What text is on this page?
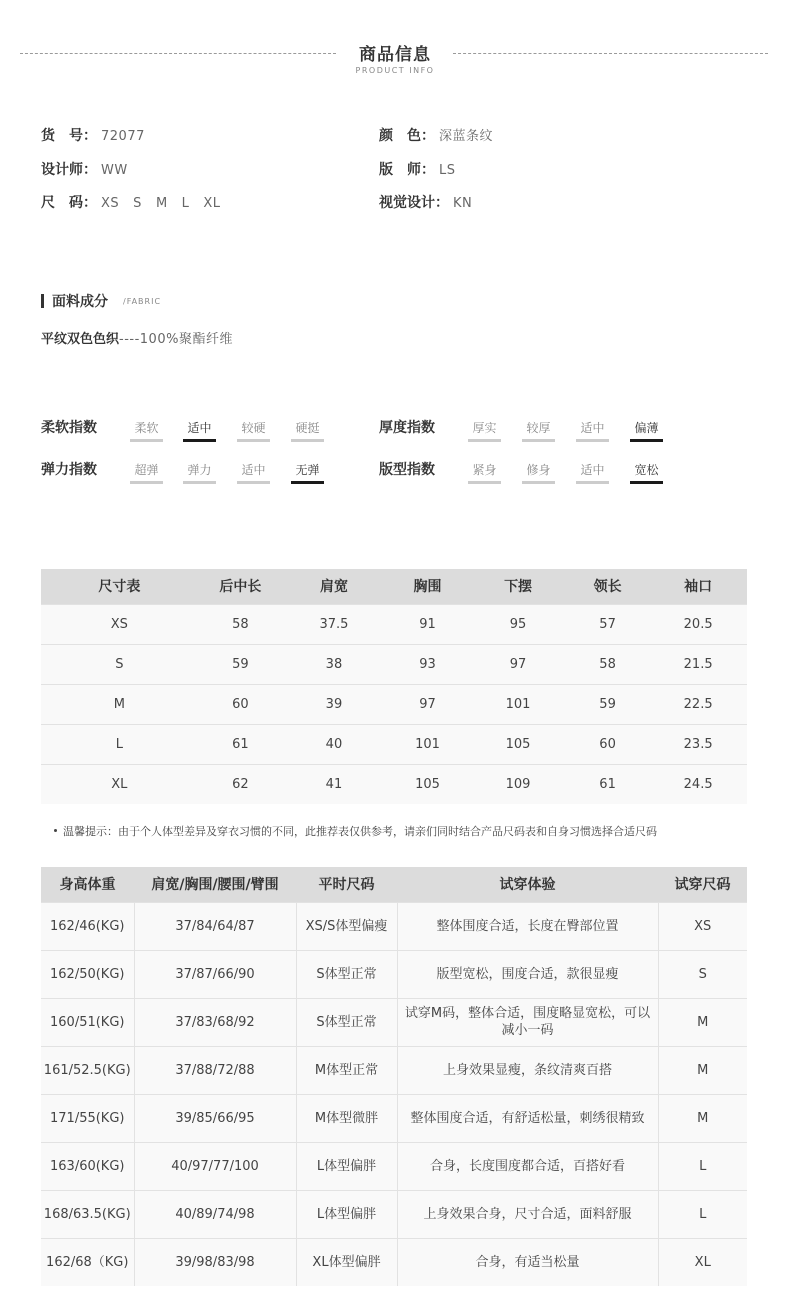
商品信息
PRODUCT INFO
货　号： 72077	颜　色： 深蓝条纹
设计师： WW	版　师： LS
尺　码： XS S M L XL	视觉设计： KN
面料成分 /FABRIC
平纹双色色织----100%聚酯纤维
柔软指数	柔软	适中	较硬	硬挺	厚度指数	厚实	较厚	适中	偏薄
弹力指数	超弹	弹力	适中	无弹	版型指数	紧身	修身	适中	宽松
尺寸表	后中长	肩宽	胸围	下摆	领长	袖口
XS	58	37.5	91	95	57	20.5
S	59	38	93	97	58	21.5
M	60	39	97	101	59	22.5
L	61	40	101	105	60	23.5
XL	62	41	105	109	61	24.5
温馨提示：由于个人体型差异及穿衣习惯的不同，此推荐表仅供参考，请亲们同时结合产品尺码表和自身习惯选择合适尺码
身高体重	肩宽/胸围/腰围/臂围	平时尺码	试穿体验	试穿尺码
162/46(KG)	37/84/64/87	XS/S体型偏瘦	整体围度合适，长度在臀部位置	XS
162/50(KG)	37/87/66/90	S体型正常	版型宽松，围度合适，款很显瘦	S
160/51(KG)	37/83/68/92	S体型正常	试穿M码，整体合适，围度略显宽松，可以减小一码	M
161/52.5(KG)	37/88/72/88	M体型正常	上身效果显瘦，条纹清爽百搭	M
171/55(KG)	39/85/66/95	M体型微胖	整体围度合适，有舒适松量，刺绣很精致	M
163/60(KG)	40/97/77/100	L体型偏胖	合身，长度围度都合适，百搭好看	L
168/63.5(KG)	40/89/74/98	L体型偏胖	上身效果合身，尺寸合适，面料舒服	L
162/68（KG)	39/98/83/98	XL体型偏胖	合身，有适当松量	XL
